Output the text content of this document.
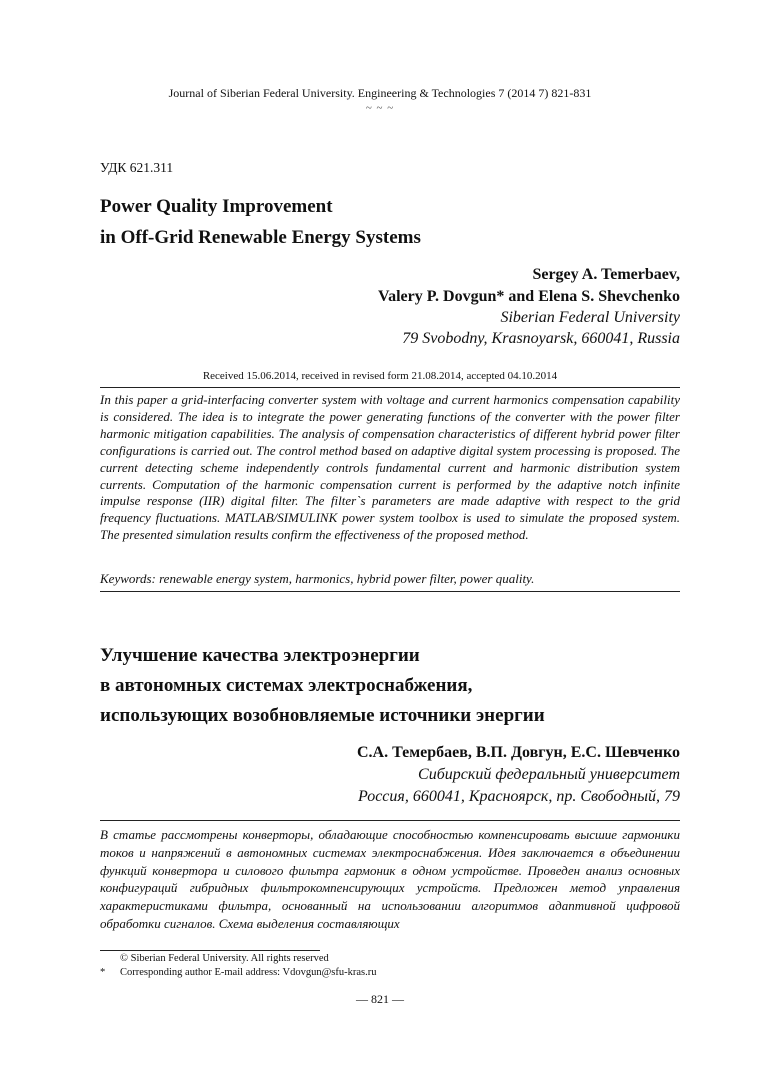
Journal of Siberian Federal University. Engineering & Technologies 7 (2014 7) 821-831
~ ~ ~
УДК 621.311
Power Quality Improvement
in Off-Grid Renewable Energy Systems
Sergey A. Temerbaev,
Valery P. Dovgun* and Elena S. Shevchenko
Siberian Federal University
79 Svobodny, Krasnoyarsk, 660041, Russia
Received 15.06.2014, received in revised form 21.08.2014, accepted 04.10.2014
In this paper a grid-interfacing converter system with voltage and current harmonics compensation capability is considered. The idea is to integrate the power generating functions of the converter with the power filter harmonic mitigation capabilities. The analysis of compensation characteristics of different hybrid power filter configurations is carried out. The control method based on adaptive digital system processing is proposed. The current detecting scheme independently controls fundamental current and harmonic distribution system currents. Computation of the harmonic compensation current is performed by the adaptive notch infinite impulse response (IIR) digital filter. The filter`s parameters are made adaptive with respect to the grid frequency fluctuations. MATLAB/SIMULINK power system toolbox is used to simulate the proposed system. The presented simulation results confirm the effectiveness of the proposed method.
Keywords: renewable energy system, harmonics, hybrid power filter, power quality.
Улучшение качества электроэнергии
в автономных системах электроснабжения,
использующих возобновляемые источники энергии
С.А. Темербаев, В.П. Довгун, Е.С. Шевченко
Сибирский федеральный университет
Россия, 660041, Красноярск, пр. Свободный, 79
В статье рассмотрены конверторы, обладающие способностью компенсировать высшие гармоники токов и напряжений в автономных системах электроснабжения. Идея заключается в объединении функций конвертора и силового фильтра гармоник в одном устройстве. Проведен анализ основных конфигураций гибридных фильтрокомпенсирующих устройств. Предложен метод управления характеристиками фильтра, основанный на использовании алгоритмов адаптивной цифровой обработки сигналов. Схема выделения составляющих
© Siberian Federal University. All rights reserved
* Corresponding author E-mail address: Vdovgun@sfu-kras.ru
— 821 —
